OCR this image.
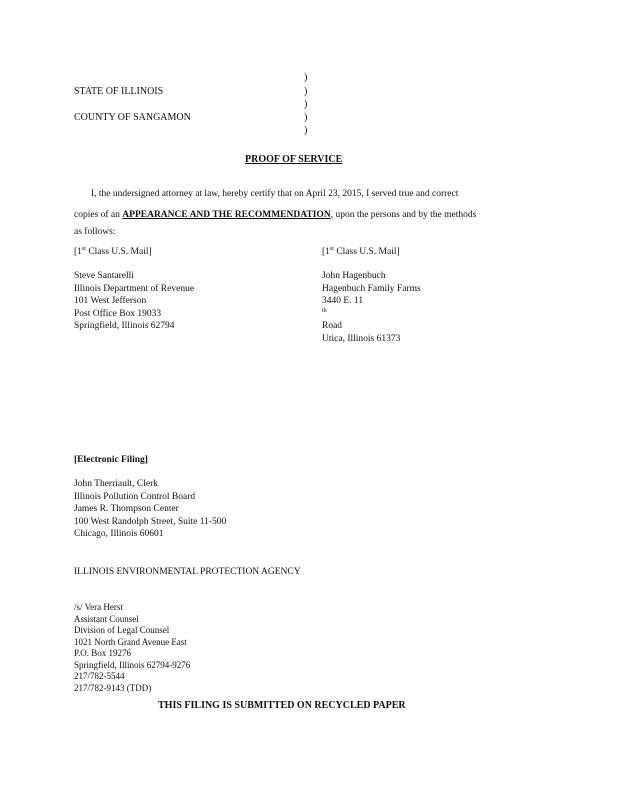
STATE OF ILLINOIS
COUNTY OF SANGAMON
)
)
)
)
)
PROOF OF SERVICE
I, the undersigned attorney at law, hereby certify that on April 23, 2015, I served true and correct
copies of an APPEARANCE AND THE RECOMMENDATION, upon the persons and by the methods
as follows:
[1st Class U.S. Mail]
Steve Santarelli
Illinois Department of Revenue
101 West Jefferson
Post Office Box 19033
Springfield, Illinois 62794
[1st Class U.S. Mail]
John Hagenbuch
Hagenbuch Family Farms
3440 E. 11
$^{th}$
Road
Utica, Illinois 61373
[Electronic Filing]
John Therriault, Clerk
Illinois Pollution Control Board
James R. Thompson Center
100 West Randolph Street, Suite 11-500
Chicago, Illinois 60601
ILLINOIS ENVIRONMENTAL PROTECTION AGENCY
/s/ Vera Herst
Assistant Counsel
Division of Legal Counsel
1021 North Grand Avenue East
P.O. Box 19276
Springfield, Illinois 62794-9276
217/782-5544
217/782-9143 (TDD)
THIS FILING IS SUBMITTED ON RECYCLED PAPER
